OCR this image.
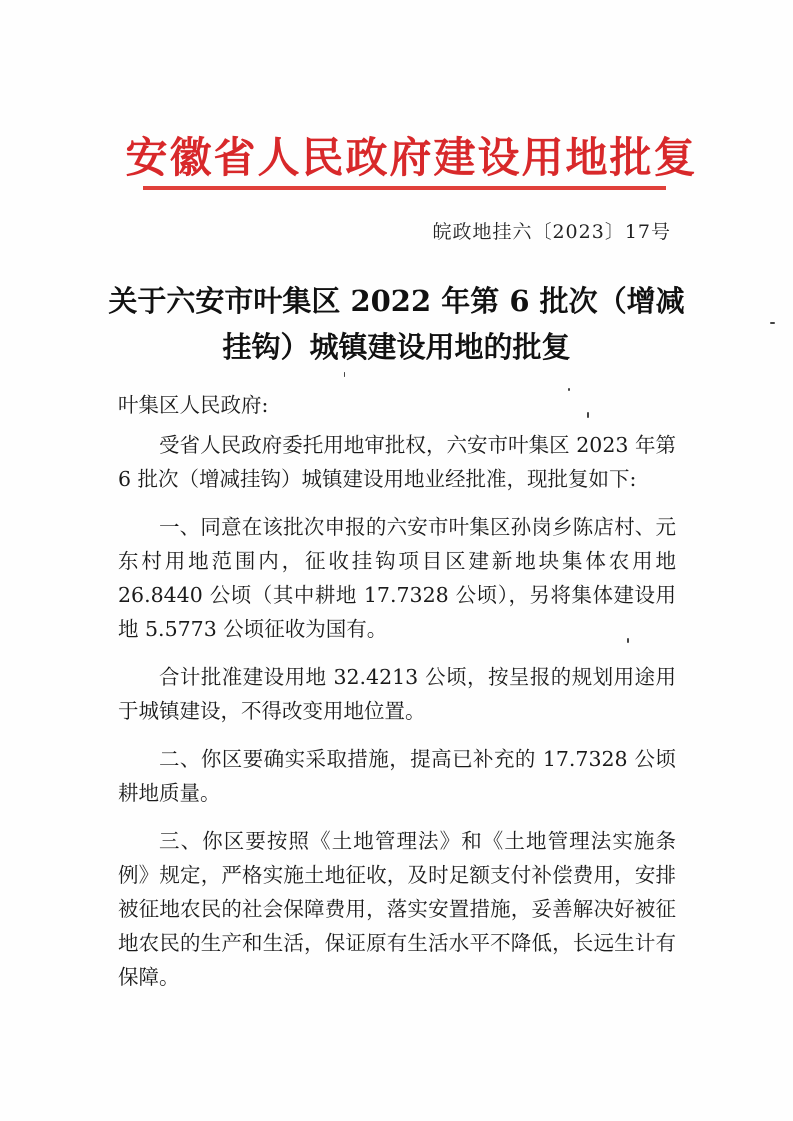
安徽省人民政府建设用地批复
皖政地挂六〔2023〕17号
关于六安市叶集区 2022 年第 6 批次（增减挂钩）城镇建设用地的批复

叶集区人民政府:

受省人民政府委托用地审批权，六安市叶集区 2023 年第 6 批次（增减挂钩）城镇建设用地业经批准，现批复如下:

一、同意在该批次申报的六安市叶集区孙岗乡陈店村、元东村用地范围内，征收挂钩项目区建新地块集体农用地 26.8440 公顷（其中耕地 17.7328 公顷），另将集体建设用地 5.5773 公顷征收为国有。

合计批准建设用地 32.4213 公顷，按呈报的规划用途用于城镇建设，不得改变用地位置。

二、你区要确实采取措施，提高已补充的 17.7328 公顷耕地质量。

三、你区要按照《土地管理法》和《土地管理法实施条例》规定，严格实施土地征收，及时足额支付补偿费用，安排被征地农民的社会保障费用，落实安置措施，妥善解决好被征地农民的生产和生活，保证原有生活水平不降低，长远生计有保障。
